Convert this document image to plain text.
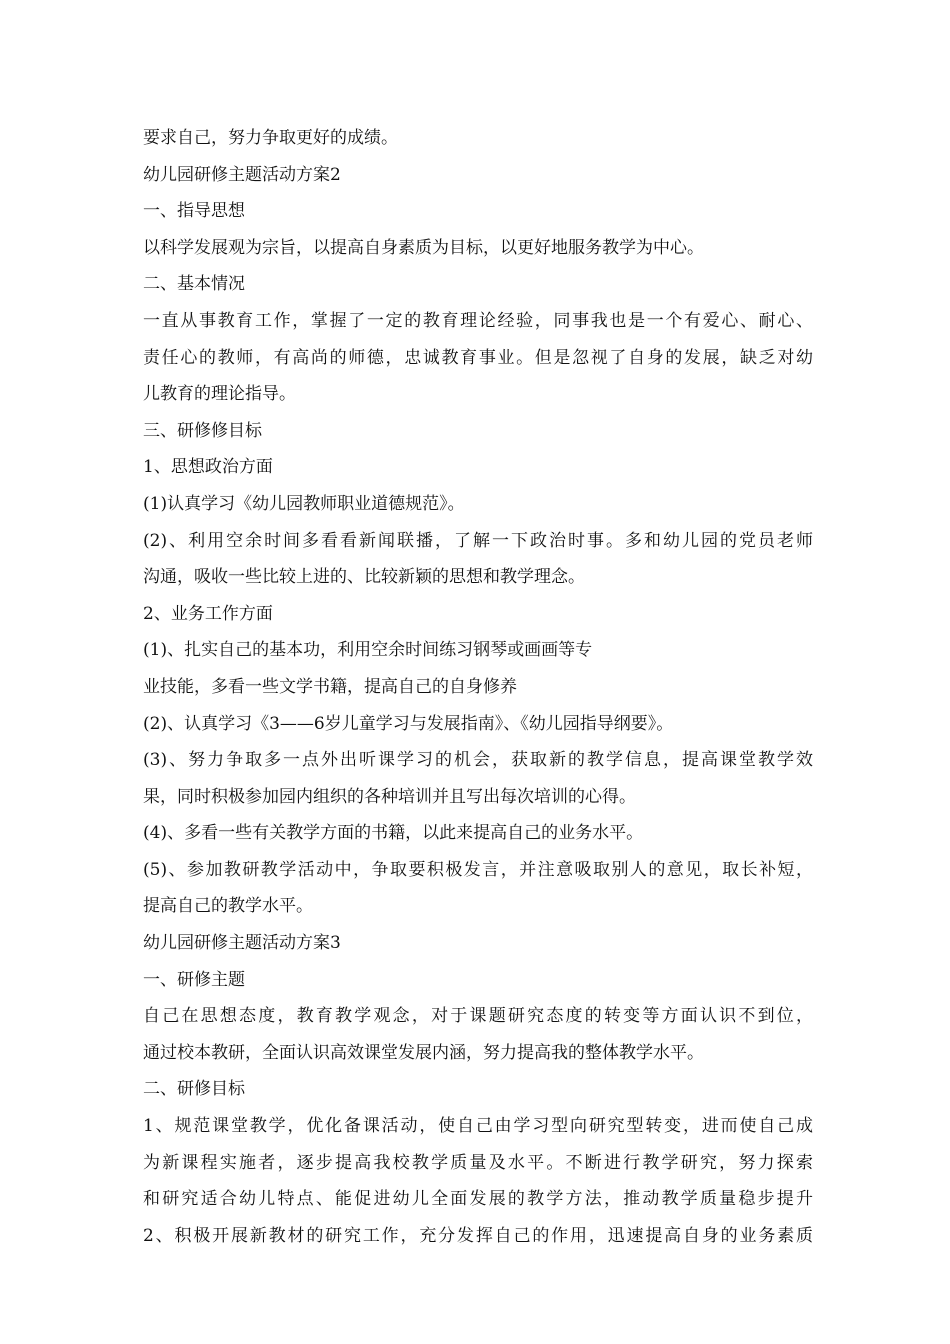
要求自己，努力争取更好的成绩。
幼儿园研修主题活动方案2
一、指导思想
以科学发展观为宗旨，以提高自身素质为目标，以更好地服务教学为中心。
二、基本情况
一直从事教育工作，掌握了一定的教育理论经验，同事我也是一个有爱心、耐心、
责任心的教师，有高尚的师德，忠诚教育事业。但是忽视了自身的发展，缺乏对幼
儿教育的理论指导。
三、研修修目标
1、思想政治方面
(1)认真学习《幼儿园教师职业道德规范》。
(2)、利用空余时间多看看新闻联播，了解一下政治时事。多和幼儿园的党员老师
沟通，吸收一些比较上进的、比较新颖的思想和教学理念。
2、业务工作方面
(1)、扎实自己的基本功，利用空余时间练习钢琴或画画等专
业技能，多看一些文学书籍，提高自己的自身修养
(2)、认真学习《3——6岁儿童学习与发展指南》、《幼儿园指导纲要》。
(3)、努力争取多一点外出听课学习的机会，获取新的教学信息，提高课堂教学效
果，同时积极参加园内组织的各种培训并且写出每次培训的心得。
(4)、多看一些有关教学方面的书籍，以此来提高自己的业务水平。
(5)、参加教研教学活动中，争取要积极发言，并注意吸取别人的意见，取长补短，
提高自己的教学水平。
幼儿园研修主题活动方案3
一、研修主题
自己在思想态度，教育教学观念，对于课题研究态度的转变等方面认识不到位，
通过校本教研，全面认识高效课堂发展内涵，努力提高我的整体教学水平。
二、研修目标
1、规范课堂教学，优化备课活动，使自己由学习型向研究型转变，进而使自己成
为新课程实施者，逐步提高我校教学质量及水平。不断进行教学研究，努力探索
和研究适合幼儿特点、能促进幼儿全面发展的教学方法，推动教学质量稳步提升
2、积极开展新教材的研究工作，充分发挥自己的作用，迅速提高自身的业务素质
